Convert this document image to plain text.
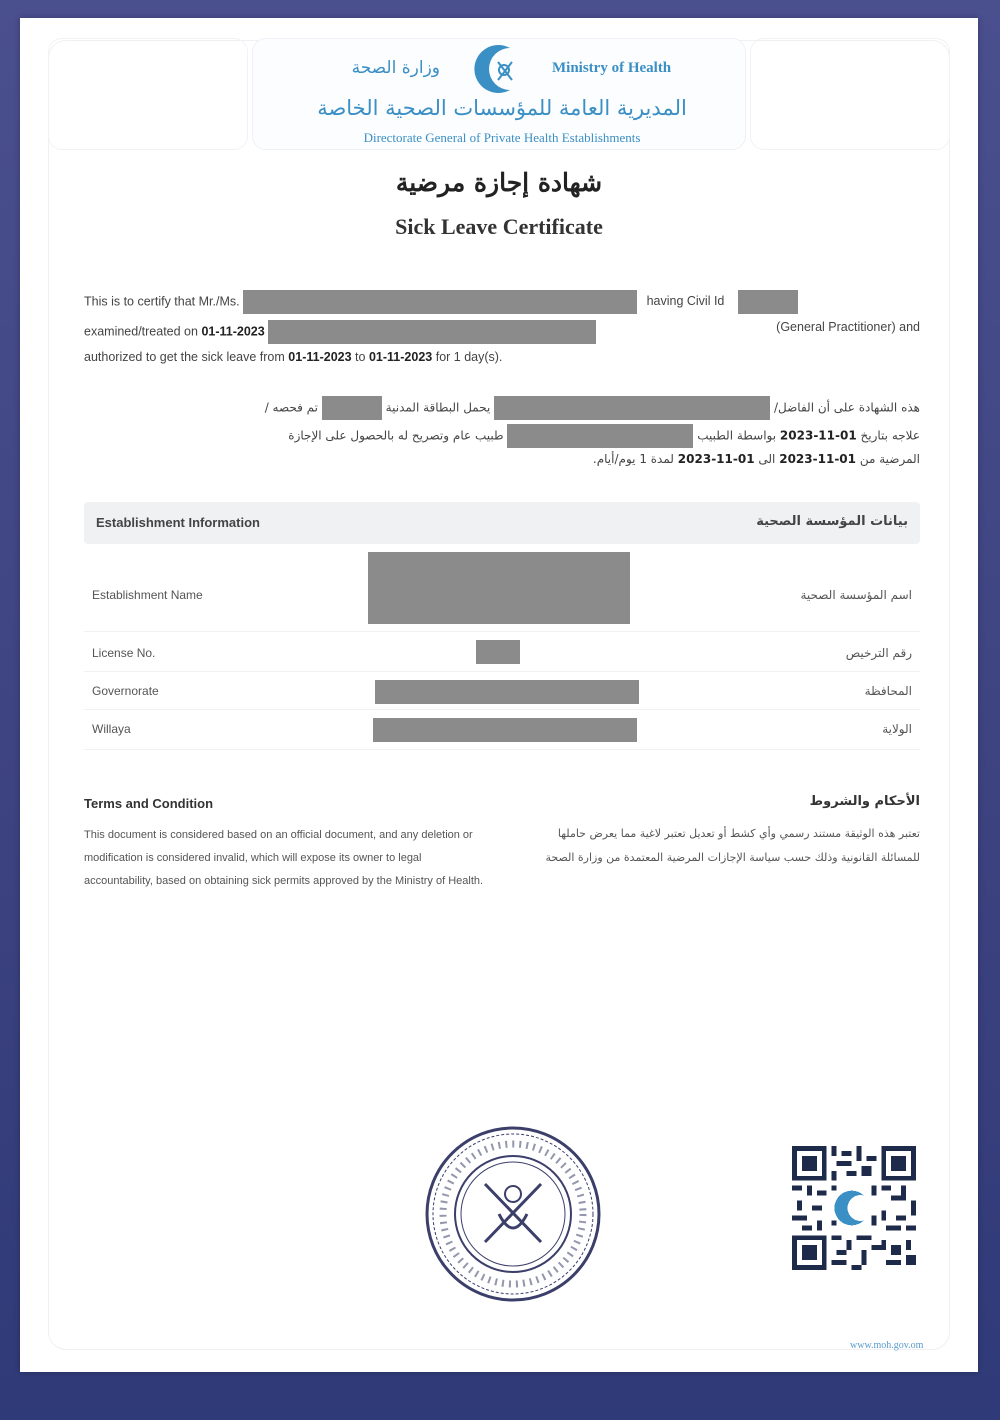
وزارة الصحة	Ministry of Health
المديرية العامة للمؤسسات الصحية الخاصة
Directorate General of Private Health Establishments
شهادة إجازة مرضية
Sick Leave Certificate
This is to certify that Mr./Ms.	having Civil Id
examined/treated on 01-11-2023	(General Practitioner) and
authorized to get the sick leave from 01-11-2023 to 01-11-2023 for 1 day(s).
هذه الشهادة على أن الفاضل/  يحمل البطاقة المدنية  تم فحصه /
علاجه بتاريخ 01-11-2023 بواسطة الطبيب  طبيب عام وتصريح له بالحصول على الإجازة
المرضية من 01-11-2023 الى 01-11-2023 لمدة 1 يوم/أيام.
Establishment Information	بيانات المؤسسة الصحية
Establishment Name	اسم المؤسسة الصحية
License No.	رقم الترخيص
Governorate	المحافظة
Willaya	الولاية
Terms and Condition
This document is considered based on an official document, and any deletion or modification is considered invalid, which will expose its owner to legal accountability, based on obtaining sick permits approved by the Ministry of Health.
الأحكام والشروط
تعتبر هذه الوثيقة مستند رسمي وأي كشط أو تعديل تعتبر لاغية مما يعرض حاملها للمسائلة القانونية وذلك حسب سياسة الإجازات المرضية المعتمدة من وزارة الصحة
www.moh.gov.om
